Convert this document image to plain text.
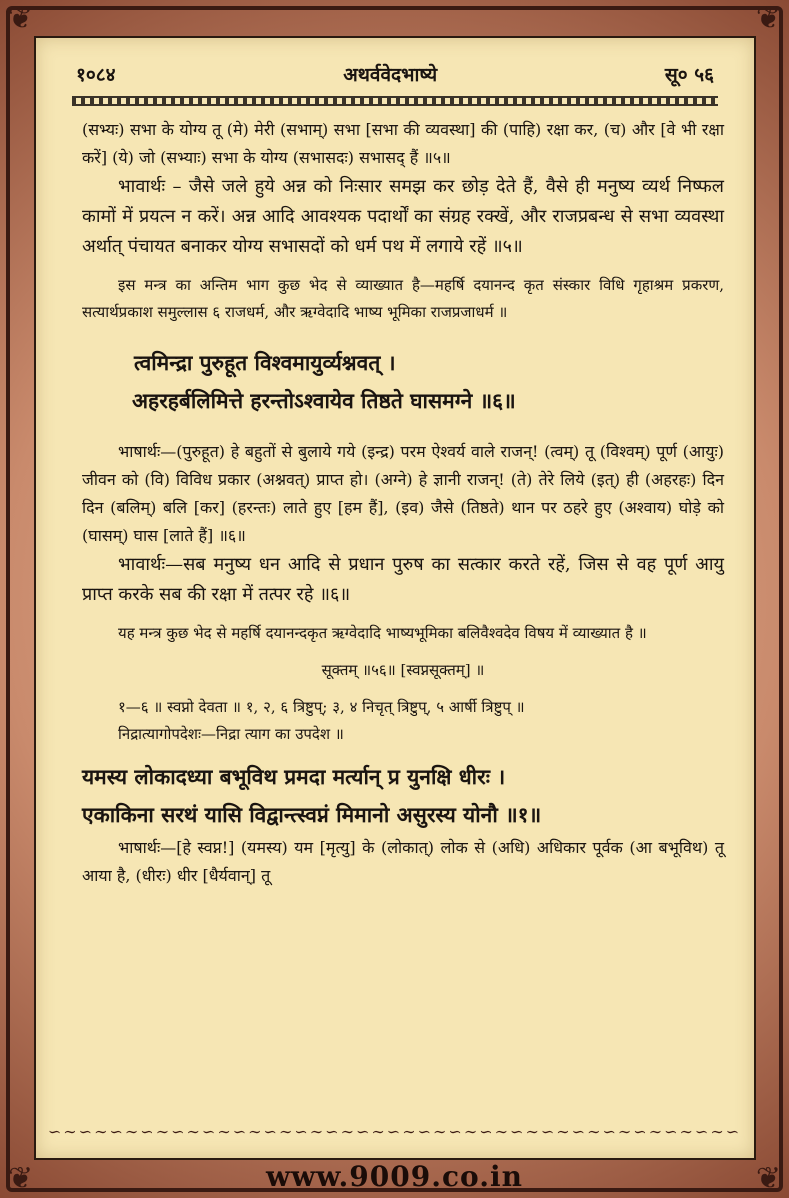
❦	❦
❦	❦
१०८४	अथर्ववेदभाष्ये	सू० ५६

(सभ्यः) सभा के योग्य तू (मे) मेरी (सभाम्) सभा [सभा की व्यवस्था] की (पाहि) रक्षा कर, (च) और [वे भी रक्षा करें] (ये) जो (सभ्याः) सभा के योग्य (सभासदः) सभासद् हैं ॥५॥

भावार्थः – जैसे जले हुये अन्न को निःसार समझ कर छोड़ देते हैं, वैसे ही मनुष्य व्यर्थ निष्फल कामों में प्रयत्न न करें। अन्न आदि आवश्यक पदार्थों का संग्रह रक्खें, और राजप्रबन्ध से सभा व्यवस्था अर्थात् पंचायत बनाकर योग्य सभासदों को धर्म पथ में लगाये रहें ॥५॥

इस मन्त्र का अन्तिम भाग कुछ भेद से व्याख्यात है—महर्षि दयानन्द कृत संस्कार विधि गृहाश्रम प्रकरण, सत्यार्थप्रकाश समुल्लास ६ राजधर्म, और ऋग्वेदादि भाष्य भूमिका राजप्रजाधर्म ॥

त्वमिन्द्रा पुरुहूत विश्वमायुर्व्यश्नवत् ।

अहरहर्बलिमित्ते हरन्तोऽश्वायेव तिष्ठते घासमग्ने ॥६॥

भाषार्थः—(पुरुहूत) हे बहुतों से बुलाये गये (इन्द्र) परम ऐश्वर्य वाले राजन्! (त्वम्) तू (विश्वम्) पूर्ण (आयुः) जीवन को (वि) विविध प्रकार (अश्नवत्) प्राप्त हो। (अग्ने) हे ज्ञानी राजन्! (ते) तेरे लिये (इत्) ही (अहरहः) दिन दिन (बलिम्) बलि [कर] (हरन्तः) लाते हुए [हम हैं], (इव) जैसे (तिष्ठते) थान पर ठहरे हुए (अश्वाय) घोड़े को (घासम्) घास [लाते हैं] ॥६॥

भावार्थः—सब मनुष्य धन आदि से प्रधान पुरुष का सत्कार करते रहें, जिस से वह पूर्ण आयु प्राप्त करके सब की रक्षा में तत्पर रहे ॥६॥

यह मन्त्र कुछ भेद से महर्षि दयानन्दकृत ऋग्वेदादि भाष्यभूमिका बलिवैश्वदेव विषय में व्याख्यात है ॥

सूक्तम् ॥५६॥ [स्वप्नसूक्तम्] ॥

१—६ ॥ स्वप्नो देवता ॥ १, २, ६ त्रिष्टुप्; ३, ४ निचृत् त्रिष्टुप्, ५ आर्षी त्रिष्टुप् ॥

निद्रात्यागोपदेशः—निद्रा त्याग का उपदेश ॥

यमस्य लोकादध्या बभूविथ प्रमदा मर्त्यान् प्र युनक्षि धीरः ।

एकाकिना सरथं यासि विद्वान्त्स्वप्नं मिमानो असुरस्य योनौ ॥१॥

भाषार्थः—[हे स्वप्न!] (यमस्य) यम [मृत्यु] के (लोकात्) लोक से (अधि) अधिकार पूर्वक (आ बभूविथ) तू आया है, (धीरः) धीर [धैर्यवान्] तू

∽∼∽∼∽∼∽∼∽∼∽∼∽∼∽∼∽∼∽∼∽∼∽∼∽∼∽∼∽∼∽∼∽∼∽∼∽∼∽∼∽∼∽∼∽
www.9009.co.in
